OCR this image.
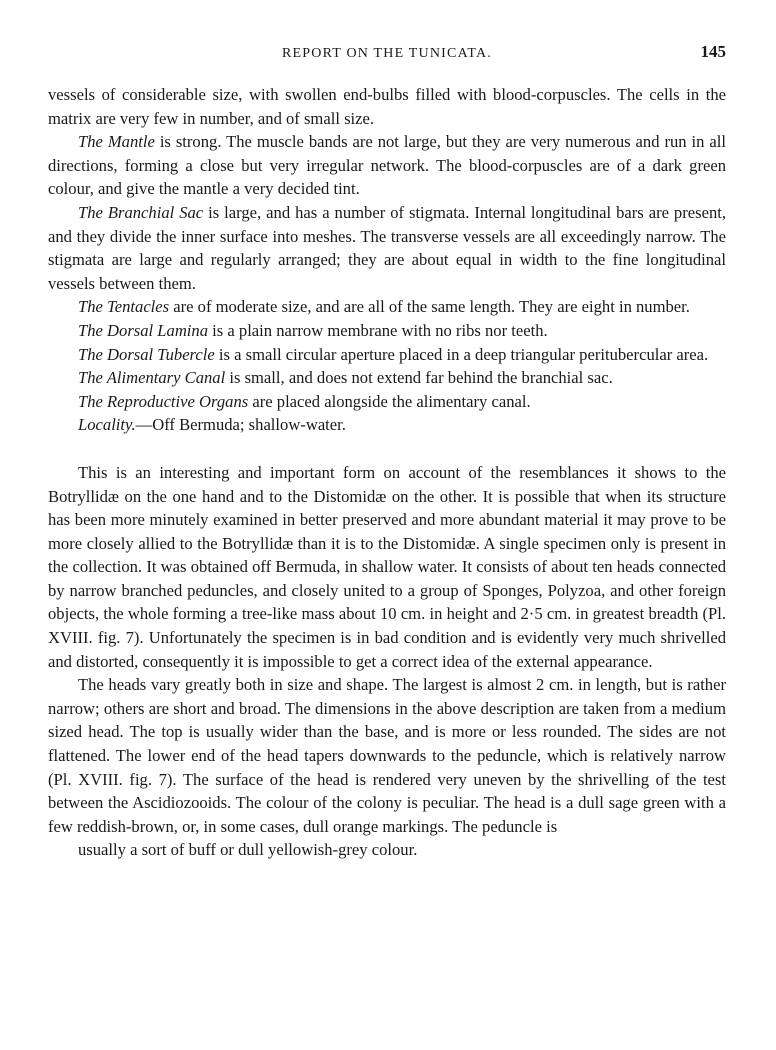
REPORT ON THE TUNICATA.	145

vessels of considerable size, with swollen end-bulbs filled with blood-corpuscles. The cells in the matrix are very few in number, and of small size.

The Mantle is strong. The muscle bands are not large, but they are very numerous and run in all directions, forming a close but very irregular network. The blood-corpuscles are of a dark green colour, and give the mantle a very decided tint.

The Branchial Sac is large, and has a number of stigmata. Internal longitudinal bars are present, and they divide the inner surface into meshes. The transverse vessels are all exceedingly narrow. The stigmata are large and regularly arranged; they are about equal in width to the fine longitudinal vessels between them.

The Tentacles are of moderate size, and are all of the same length. They are eight in number.

The Dorsal Lamina is a plain narrow membrane with no ribs nor teeth.

The Dorsal Tubercle is a small circular aperture placed in a deep triangular peritubercular area.

The Alimentary Canal is small, and does not extend far behind the branchial sac.

The Reproductive Organs are placed alongside the alimentary canal.

Locality.—Off Bermuda; shallow-water.

This is an interesting and important form on account of the resemblances it shows to the Botryllidæ on the one hand and to the Distomidæ on the other. It is possible that when its structure has been more minutely examined in better preserved and more abundant material it may prove to be more closely allied to the Botryllidæ than it is to the Distomidæ. A single specimen only is present in the collection. It was obtained off Bermuda, in shallow water. It consists of about ten heads connected by narrow branched peduncles, and closely united to a group of Sponges, Polyzoa, and other foreign objects, the whole forming a tree-like mass about 10 cm. in height and 2·5 cm. in greatest breadth (Pl. XVIII. fig. 7). Unfortunately the specimen is in bad condition and is evidently very much shrivelled and distorted, consequently it is impossible to get a correct idea of the external appearance.

The heads vary greatly both in size and shape. The largest is almost 2 cm. in length, but is rather narrow; others are short and broad. The dimensions in the above description are taken from a medium sized head. The top is usually wider than the base, and is more or less rounded. The sides are not flattened. The lower end of the head tapers downwards to the peduncle, which is relatively narrow (Pl. XVIII. fig. 7). The surface of the head is rendered very uneven by the shrivelling of the test between the Ascidiozooids. The colour of the colony is peculiar. The head is a dull sage green with a few reddish-brown, or, in some cases, dull orange markings. The peduncle is
usually a sort of buff or dull yellowish-grey colour.
